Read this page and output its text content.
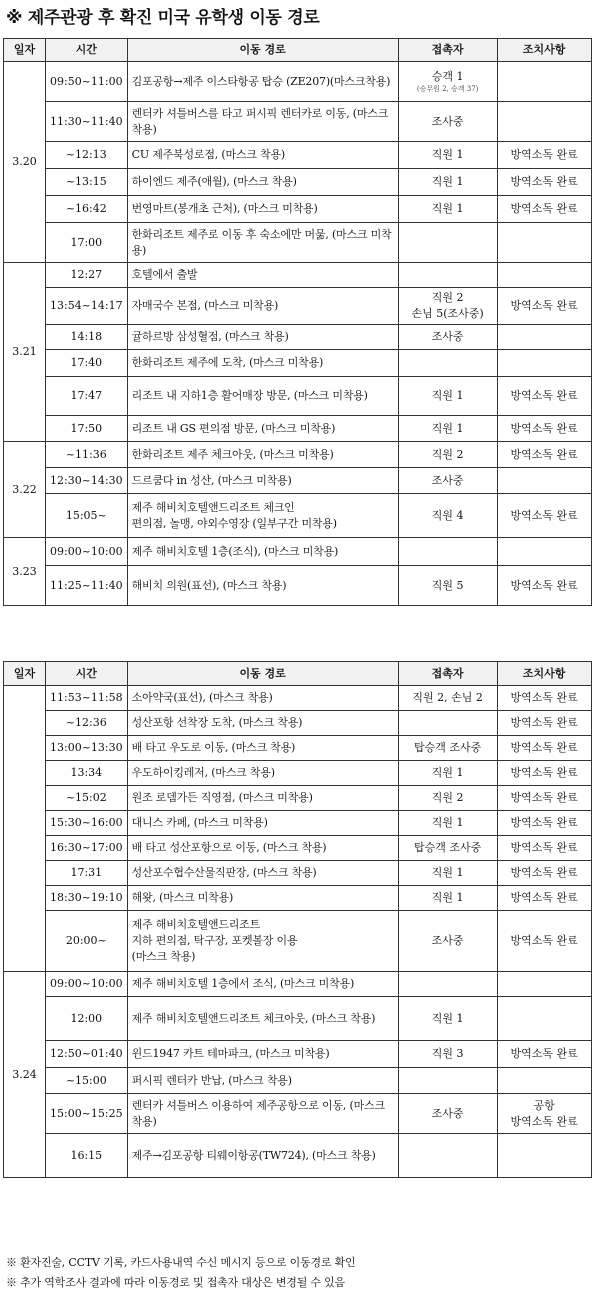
※ 제주관광 후 확진 미국 유학생 이동 경로
일자	시간	이동 경로	접촉자	조치사항
3.20	09:50~11:00	김포공항→제주 이스타항공 탑승 (ZE207)(마스크착용)	승객 1
(승무원 2, 승객 37)	

	11:30~11:40	렌터카 셔틀버스를 타고 퍼시픽 렌터카로 이동, (마스크 착용)	조사중	
	~12:13	CU 제주북성로점, (마스크 착용)	직원 1	방역소독 완료
	~13:15	하이엔드 제주(애월), (마스크 착용)	직원 1	방역소독 완료
	~16:42	번영마트(봉개초 근처), (마스크 미착용)	직원 1	방역소독 완료
	17:00	한화리조트 제주로 이동 후 숙소에만 머묾, (마스크 미착용)		
3.21	12:27	호텔에서 출발		
	13:54~14:17	자매국수 본점, (마스크 미착용)	직원 2
손님 5(조사중)	방역소독 완료
	14:18	귤하르방 삼성혈점, (마스크 착용)	조사중	
	17:40	한화리조트 제주에 도착, (마스크 미착용)		
	17:47	리조트 내 지하1층 활어매장 방문, (마스크 미착용)	직원 1	방역소독 완료
	17:50	리조트 내 GS 편의점 방문, (마스크 미착용)	직원 1	방역소독 완료
3.22	~11:36	한화리조트 제주 체크아웃, (마스크 미착용)	직원 2	방역소독 완료
	12:30~14:30	드르쿰다 in 성산, (마스크 미착용)	조사중	
	15:05~	제주 해비치호텔앤드리조트 체크인
편의점, 놀맹, 야외수영장 (일부구간 미착용)	직원 4	방역소독 완료
3.23	09:00~10:00	제주 해비치호텔 1층(조식), (마스크 미착용)		
	11:25~11:40	해비치 의원(표선), (마스크 착용)	직원 5	방역소독 완료
일자	시간	이동 경로	접촉자	조치사항
	11:53~11:58	소아약국(표선), (마스크 착용)	직원 2, 손님 2	방역소독 완료
	~12:36	성산포항 선착장 도착, (마스크 착용)		방역소독 완료
	13:00~13:30	배 타고 우도로 이동, (마스크 착용)	탑승객 조사중	방역소독 완료
	13:34	우도하이킹레저, (마스크 착용)	직원 1	방역소독 완료
	~15:02	원조 로뎀가든 직영점, (마스크 미착용)	직원 2	방역소독 완료
	15:30~16:00	대니스 카페, (마스크 미착용)	직원 1	방역소독 완료
	16:30~17:00	배 타고 성산포항으로 이동, (마스크 착용)	탑승객 조사중	방역소독 완료
	17:31	성산포수협수산물직판장, (마스크 착용)	직원 1	방역소독 완료
	18:30~19:10	해왓, (마스크 미착용)	직원 1	방역소독 완료
	20:00~	제주 해비치호텔앤드리조트
지하 편의점, 탁구장, 포켓볼장 이용
(마스크 착용)	조사중	방역소독 완료
3.24	09:00~10:00	제주 해비치호텔 1층에서 조식, (마스크 미착용)		
	12:00	제주 해비치호텔앤드리조트 체크아웃, (마스크 착용)	직원 1	
	12:50~01:40	윈드1947 카트 테마파크, (마스크 미착용)	직원 3	방역소독 완료
	~15:00	퍼시픽 렌터카 반납, (마스크 착용)		
	15:00~15:25	렌터카 셔틀버스 이용하여 제주공항으로 이동, (마스크 착용)	조사중	공항
방역소독 완료

	16:15	제주→김포공항 티웨이항공(TW724), (마스크 착용)		
※ 환자진술, CCTV 기록, 카드사용내역 수신 메시지 등으로 이동경로 확인
※ 추가 역학조사 결과에 따라 이동경로 및 접촉자 대상은 변경될 수 있음
